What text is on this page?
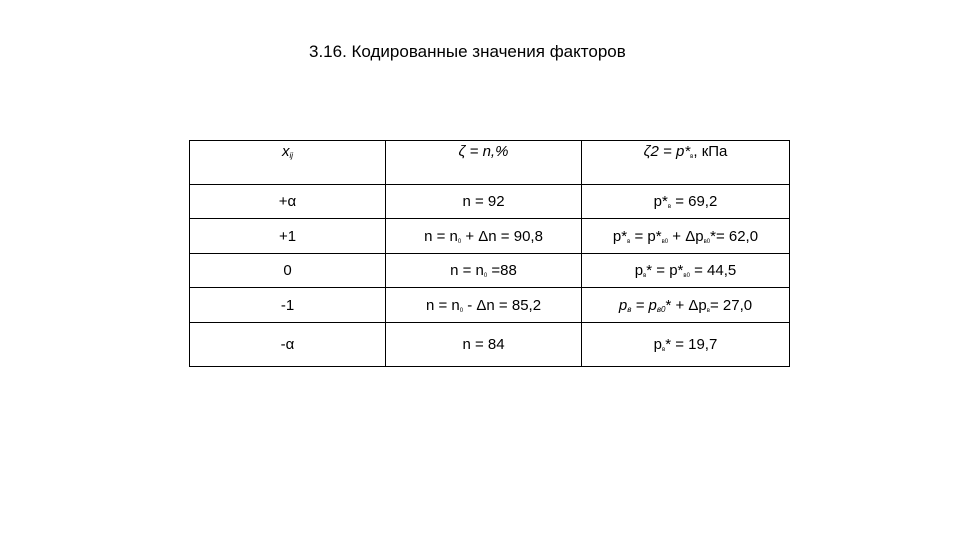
3.16. Кодированные значения факторов
$x_{ij}$	ζ = n,%	ζ2 = p*в, кПа
+α	n = 92	p*в = 69,2
+1	n = n0 + Δn = 90,8	p*в = p*в0 + Δpв0*= 62,0
0	n = n0 =88	pв* = p*в0 = 44,5
-1	n = n0 - Δn = 85,2	$p_в = p_{в0}* + \Delta pв= 27,0$
-α	n = 84	pв* = 19,7
